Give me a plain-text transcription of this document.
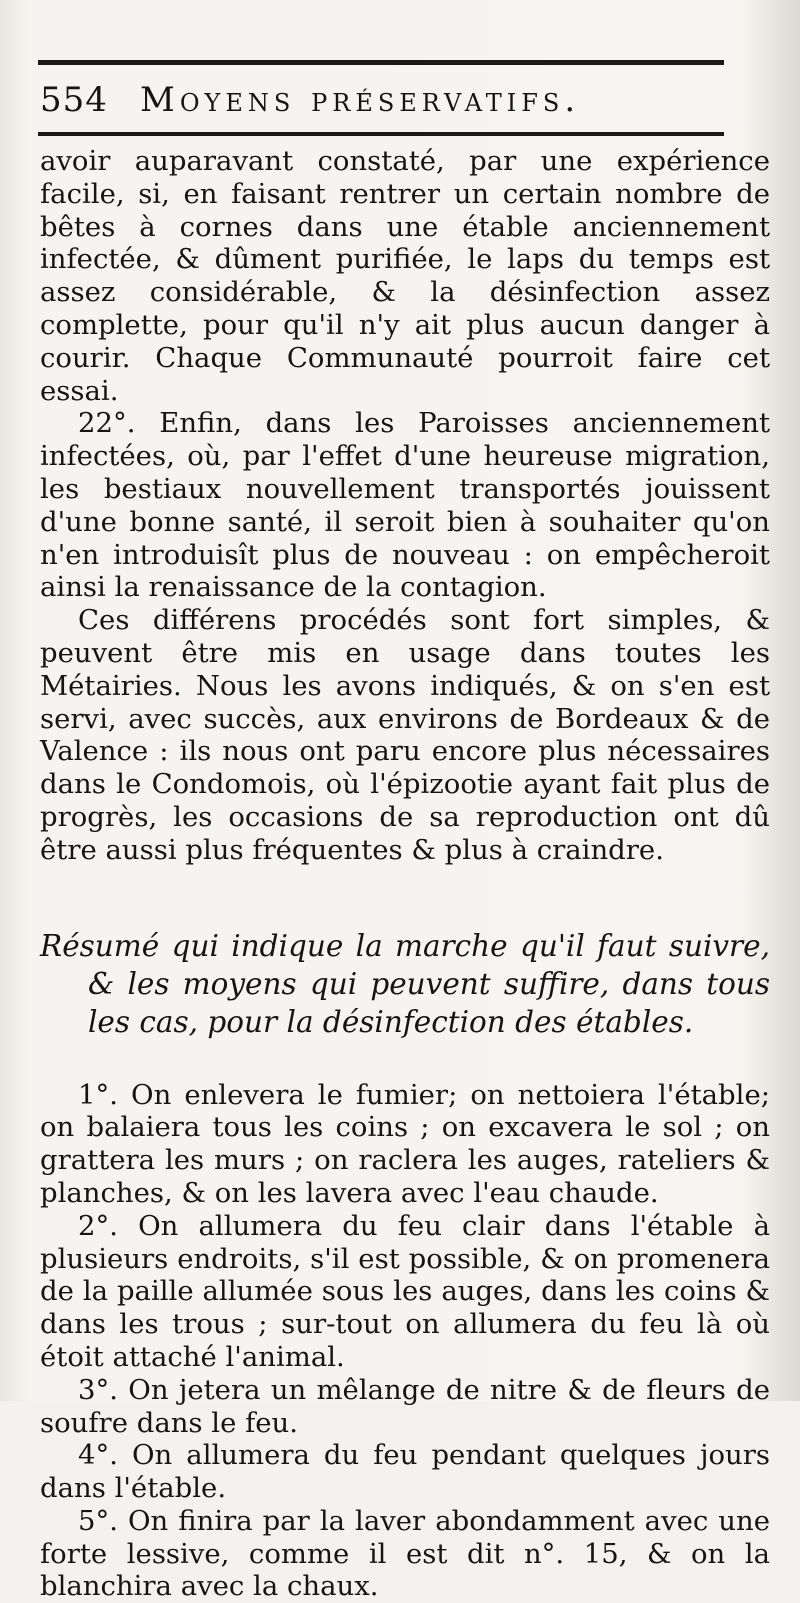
554 Moyens préservatifs.

avoir auparavant constaté, par une expérience facile, si, en faisant rentrer un certain nombre de bêtes à cornes dans une étable anciennement infectée, & dûment purifiée, le laps du temps est assez considérable, & la désinfection assez complette, pour qu'il n'y ait plus aucun danger à courir. Chaque Communauté pourroit faire cet essai.

22°. Enfin, dans les Paroisses anciennement infectées, où, par l'effet d'une heureuse migration, les bestiaux nouvellement transportés jouissent d'une bonne santé, il seroit bien à souhaiter qu'on n'en introduisît plus de nouveau : on empêcheroit ainsi la renaissance de la contagion.

Ces différens procédés sont fort simples, & peuvent être mis en usage dans toutes les Métairies. Nous les avons indiqués, & on s'en est servi, avec succès, aux environs de Bordeaux & de Valence : ils nous ont paru encore plus nécessaires dans le Condomois, où l'épizootie ayant fait plus de progrès, les occasions de sa reproduction ont dû être aussi plus fréquentes & plus à craindre.

Résumé qui indique la marche qu'il faut suivre, & les moyens qui peuvent suffire, dans tous les cas, pour la désinfection des étables.

1°. On enlevera le fumier; on nettoiera l'étable; on balaiera tous les coins ; on excavera le sol ; on grattera les murs ; on raclera les auges, rateliers & planches, & on les lavera avec l'eau chaude.

2°. On allumera du feu clair dans l'étable à plusieurs endroits, s'il est possible, & on promenera de la paille allumée sous les auges, dans les coins & dans les trous ; sur-tout on allumera du feu là où étoit attaché l'animal.

3°. On jetera un mêlange de nitre & de fleurs de soufre dans le feu.

4°. On allumera du feu pendant quelques jours dans l'étable.

5°. On finira par la laver abondamment avec une forte lessive, comme il est dit n°. 15, & on la blanchira avec la chaux.
